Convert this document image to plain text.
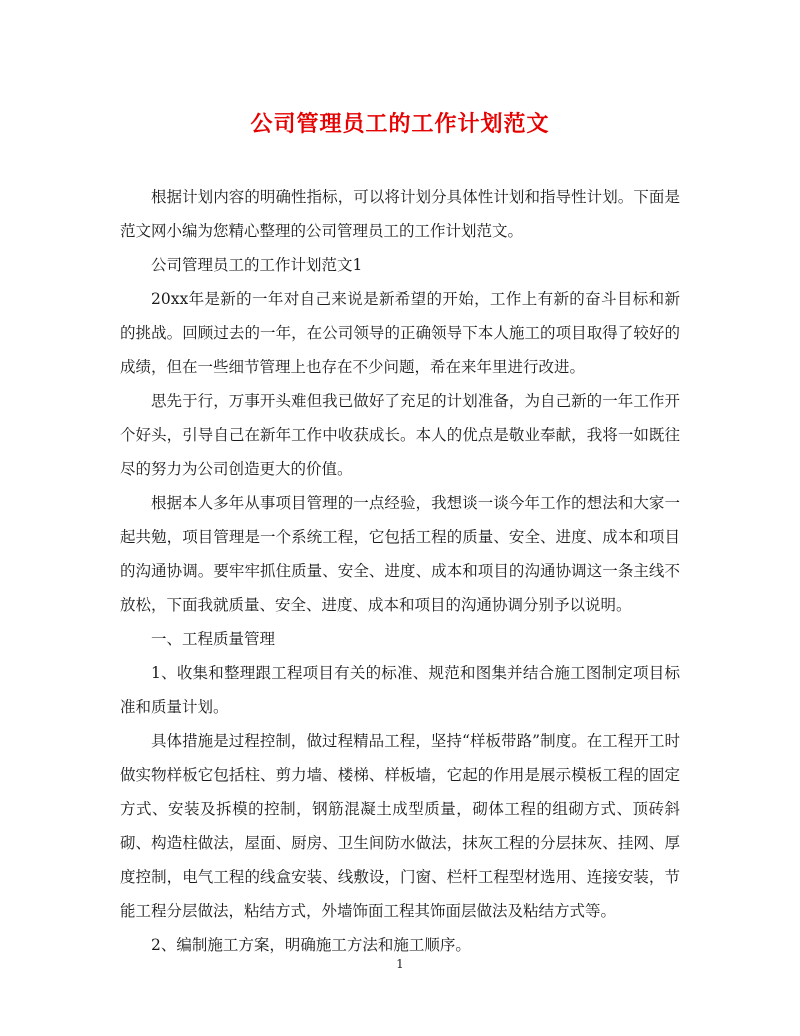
公司管理员工的工作计划范文

根据计划内容的明确性指标，可以将计划分具体性计划和指导性计划。下面是范文网小编为您精心整理的公司管理员工的工作计划范文。

公司管理员工的工作计划范文1

20xx年是新的一年对自己来说是新希望的开始，工作上有新的奋斗目标和新的挑战。回顾过去的一年，在公司领导的正确领导下本人施工的项目取得了较好的成绩，但在一些细节管理上也存在不少问题，希在来年里进行改进。

思先于行，万事开头难但我已做好了充足的计划准备，为自己新的一年工作开个好头，引导自己在新年工作中收获成长。本人的优点是敬业奉献，我将一如既往尽的努力为公司创造更大的价值。

根据本人多年从事项目管理的一点经验，我想谈一谈今年工作的想法和大家一起共勉，项目管理是一个系统工程，它包括工程的质量、安全、进度、成本和项目的沟通协调。要牢牢抓住质量、安全、进度、成本和项目的沟通协调这一条主线不放松，下面我就质量、安全、进度、成本和项目的沟通协调分别予以说明。

一、工程质量管理

1、收集和整理跟工程项目有关的标准、规范和图集并结合施工图制定项目标准和质量计划。

具体措施是过程控制，做过程精品工程，坚持“样板带路”制度。在工程开工时做实物样板它包括柱、剪力墙、楼梯、样板墙，它起的作用是展示模板工程的固定方式、安装及拆模的控制，钢筋混凝土成型质量，砌体工程的组砌方式、顶砖斜砌、构造柱做法，屋面、厨房、卫生间防水做法，抹灰工程的分层抹灰、挂网、厚度控制，电气工程的线盒安装、线敷设，门窗、栏杆工程型材选用、连接安装，节能工程分层做法，粘结方式，外墙饰面工程其饰面层做法及粘结方式等。

2、编制施工方案，明确施工方法和施工顺序。

1
